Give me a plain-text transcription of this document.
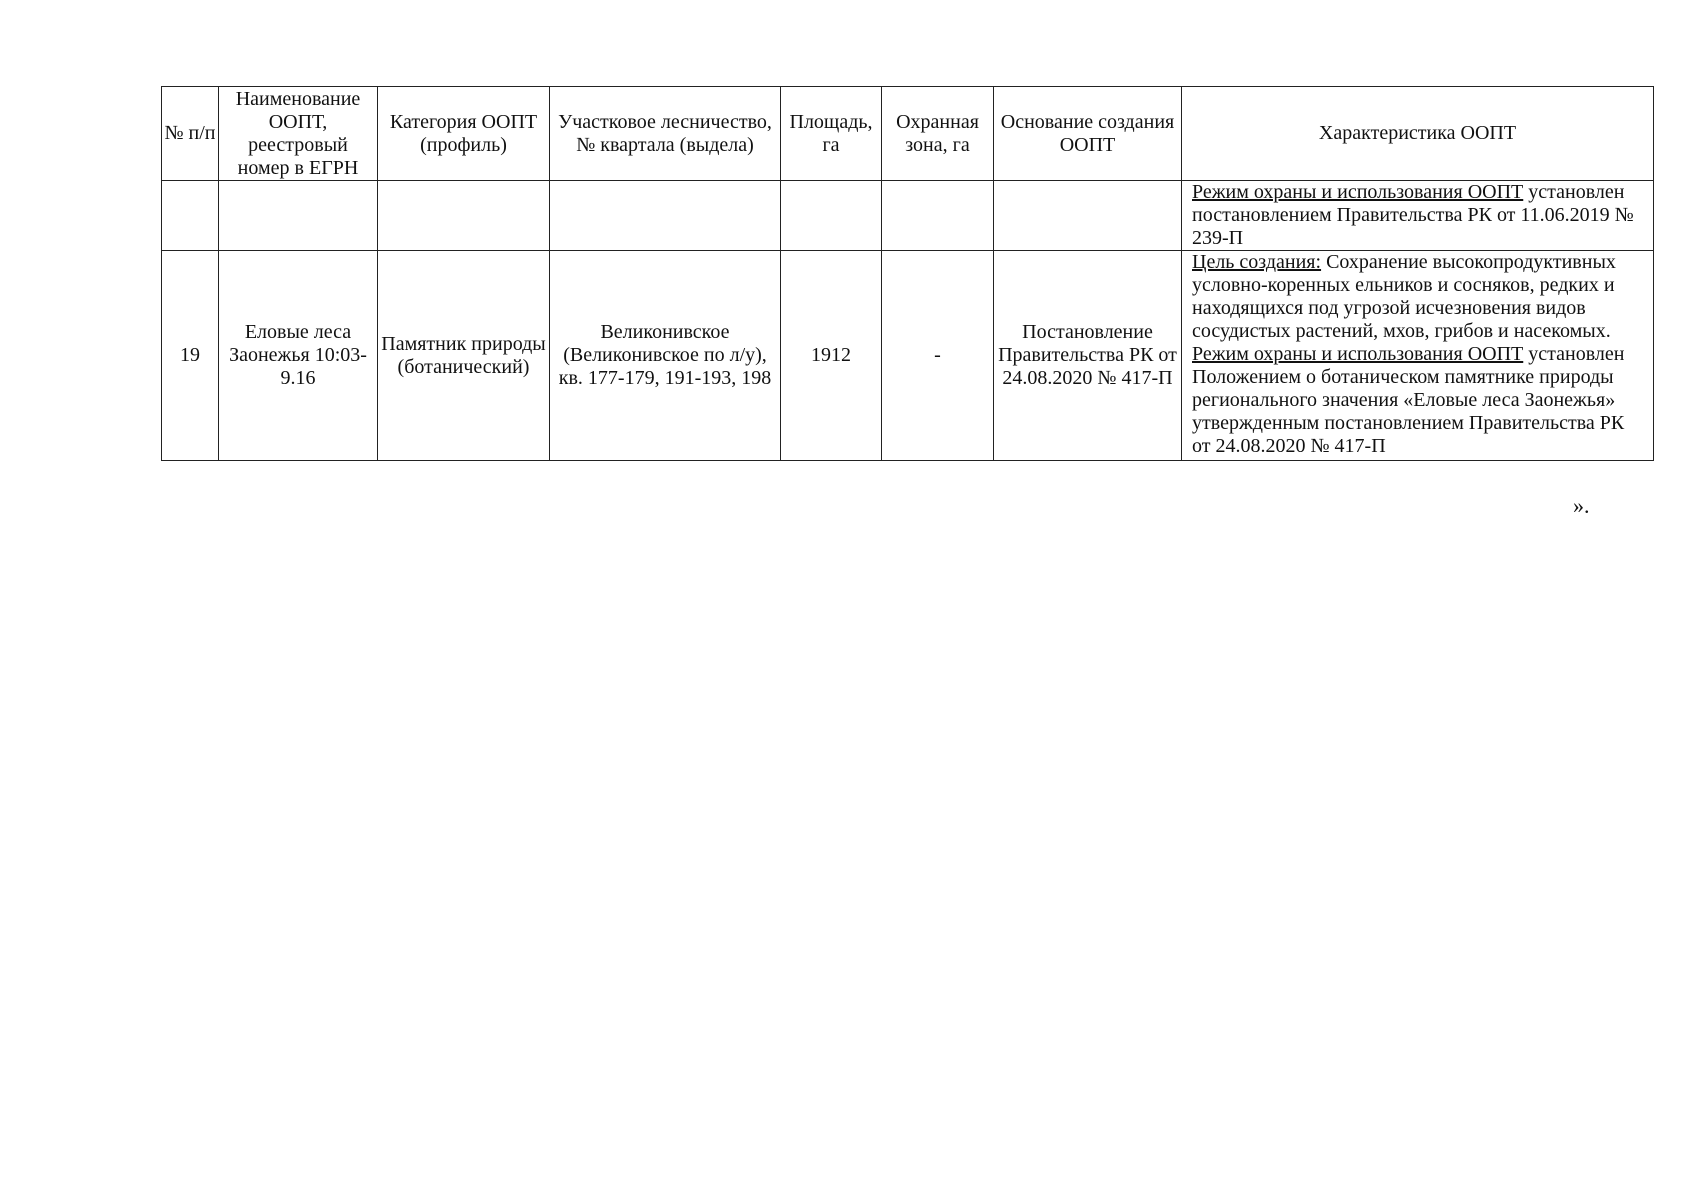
№ п/п	Наименование ООПТ, реестровый номер в ЕГРН	Категория ООПТ (профиль)	Участковое лесничество, № квартала (выдела)	Площадь, га	Охранная зона, га	Основание создания ООПТ	Характеристика ООПТ
							Режим охраны и использования ООПТ установлен постановлением Правительства РК от 11.06.2019 № 239-П
19	Еловые леса Заонежья 10:03-9.16	Памятник природы (ботанический)	Великонивское (Великонивское по л/у), кв. 177-179, 191-193, 198	1912	-	Постановление Правительства РК от 24.08.2020 № 417-П	Цель создания: Сохранение высокопродуктивных условно-коренных ельников и сосняков, редких и находящихся под угрозой исчезновения видов сосудистых растений, мхов, грибов и насекомых.
Режим охраны и использования ООПТ установлен Положением о ботаническом памятнике природы регионального значения «Еловые леса Заонежья» утвержденным постановлением Правительства РК от 24.08.2020 № 417-П
».
